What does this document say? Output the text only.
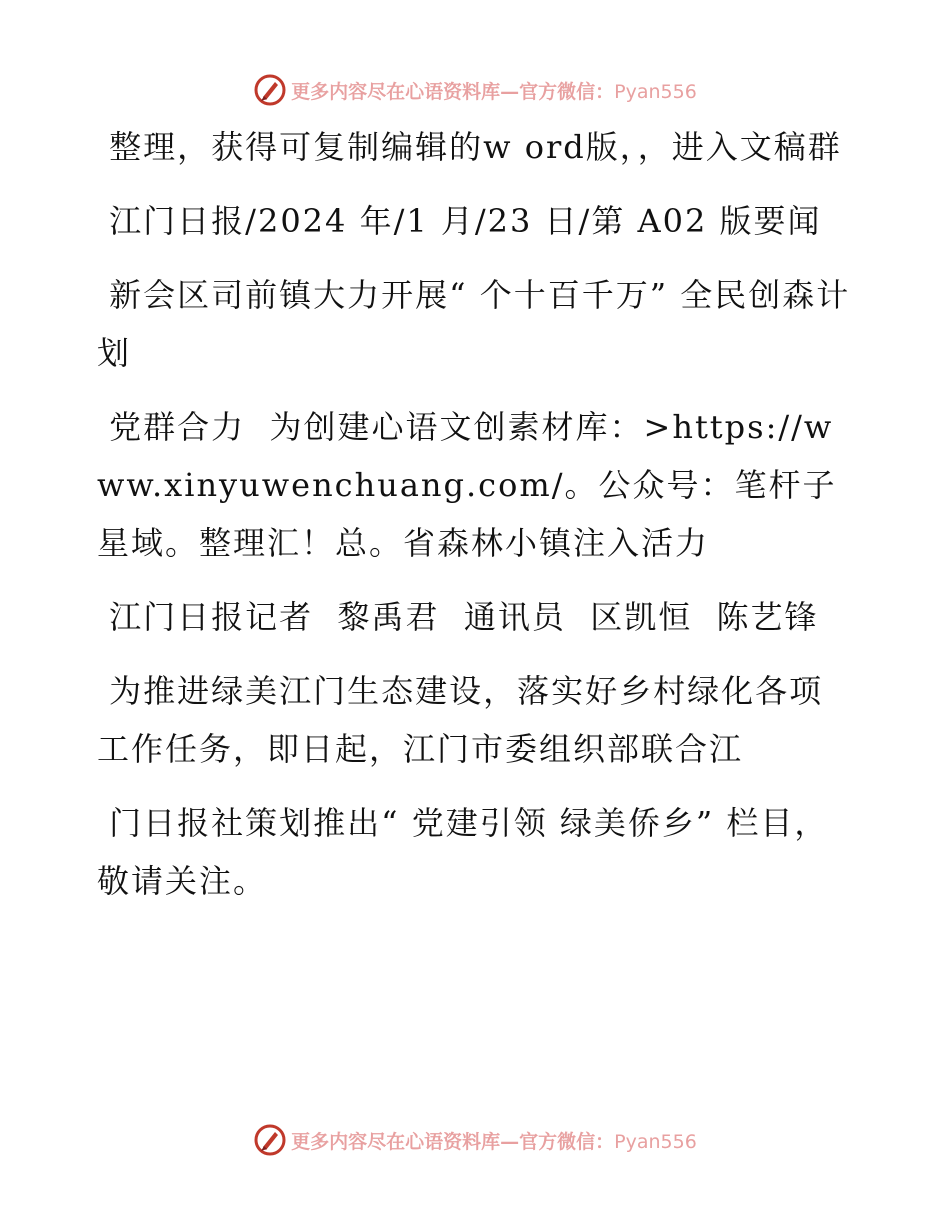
更多内容尽在心语资料库—官方微信：Pyan556

整理，获得可复制编辑的w ord版，，进入文稿群

江门日报/2024 年/1 月/23 日/第 A02 版要闻

新会区司前镇大力开展“ 个十百千万” 全民创森计划

党群合力  为创建心语文创素材库：>https://www.xinyuwenchuang.com/。公众号：笔杆子星域。整理汇！总。省森林小镇注入活力

江门日报记者  黎禹君  通讯员  区凯恒  陈艺锋

为推进绿美江门生态建设，落实好乡村绿化各项工作任务，即日起，江门市委组织部联合江

门日报社策划推出“ 党建引领 绿美侨乡” 栏目，敬请关注。

更多内容尽在心语资料库—官方微信：Pyan556
